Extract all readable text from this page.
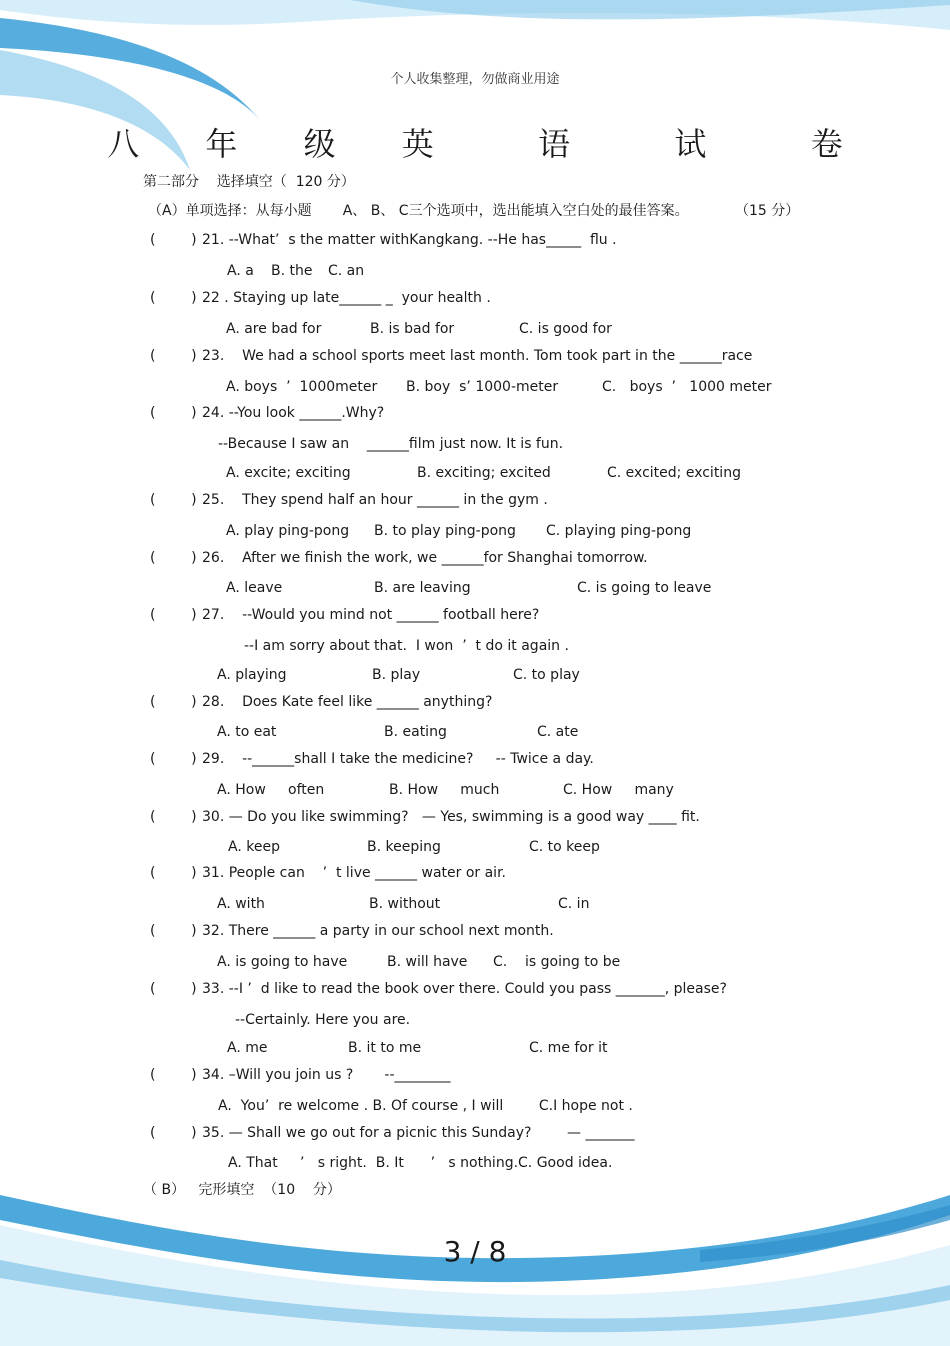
个人收集整理，勿做商业用途
八 年 级 英  语  试  卷
第二部分    选择填空（  120 分）
（A）单项选择：从每小题       A、 B、 C三个选项中，选出能填入空白处的最佳答案。	（15 分）
(        ) 21. --What’  s the matter withKangkang. --He has_____  flu .
A. a B. the C. an
(        ) 22 . Staying up late______ _  your health .
A. are bad for	B. is bad for	C. is good for
(        ) 23.    We had a school sports meet last month. Tom took part in the ______race
A. boys  ’  1000meter B. boy  s’ 1000-meter	C.   boys  ’   1000 meter
(        ) 24. --You look ______.Why?
--Because I saw an    ______film just now. It is fun.
A. excite; exciting	B. exciting; excited	C. excited; exciting
(        ) 25.    They spend half an hour ______ in the gym .
A. play ping-pong B. to play ping-pong C. playing ping-pong
(        ) 26.    After we finish the work, we ______for Shanghai tomorrow.
A. leave	B. are leaving	C. is going to leave
(        ) 27.    --Would you mind not ______ football here?
--I am sorry about that.  I won  ’  t do it again .
A. playing	B. play	C. to play
(        ) 28.    Does Kate feel like ______ anything?
A. to eat	B. eating	C. ate
(        ) 29.    --______shall I take the medicine?     -- Twice a day.
A. How     often	B. How     much	C. How     many
(        ) 30. — Do you like swimming?   — Yes, swimming is a good way ____ fit.
A. keep	B. keeping	C. to keep
(        ) 31. People can    ’  t live ______ water or air.
A. with	B. without	C. in
(        ) 32. There ______ a party in our school next month.
A. is going to have	B. will have C.    is going to be
(        ) 33. --I ’  d like to read the book over there. Could you pass _______, please?
--Certainly. Here you are.
A. me	B. it to me	C. me for it
(        ) 34. –Will you join us ?       --________
A.  You’  re welcome . B. Of course , I will        C.I hope not .
(        ) 35. — Shall we go out for a picnic this Sunday?        — _______
A. That     ’   s right.  B. It      ’   s nothing.C. Good idea.
（ B）   完形填空  （10    分）
3 / 8
